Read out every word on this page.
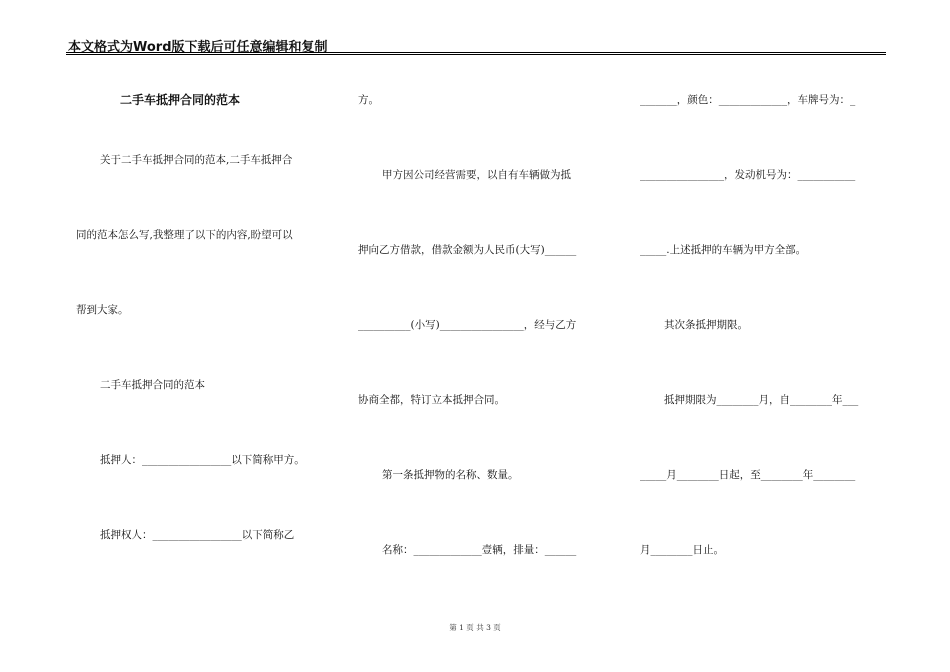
本文格式为Word版下载后可任意编辑和复制
二手车抵押合同的范本
关于二手车抵押合同的范本,二手车抵押合
同的范本怎么写,我整理了以下的内容,盼望可以
帮到大家。
二手车抵押合同的范本
抵押人：_________________以下简称甲方。
抵押权人：_________________以下简称乙
方。
甲方因公司经营需要，以自有车辆做为抵
押向乙方借款，借款金额为人民币(大写)______
__________(小写)________________，经与乙方
协商全都，特订立本抵押合同。
第一条抵押物的名称、数量。
名称：_____________壹辆，排量：______
_______，颜色：_____________，车牌号为：_
________________，发动机号为：___________
_____.上述抵押的车辆为甲方全部。
其次条抵押期限。
抵押期限为________月，自________年___
_____月________日起，至________年________
月________日止。
第 1 页 共 3 页
